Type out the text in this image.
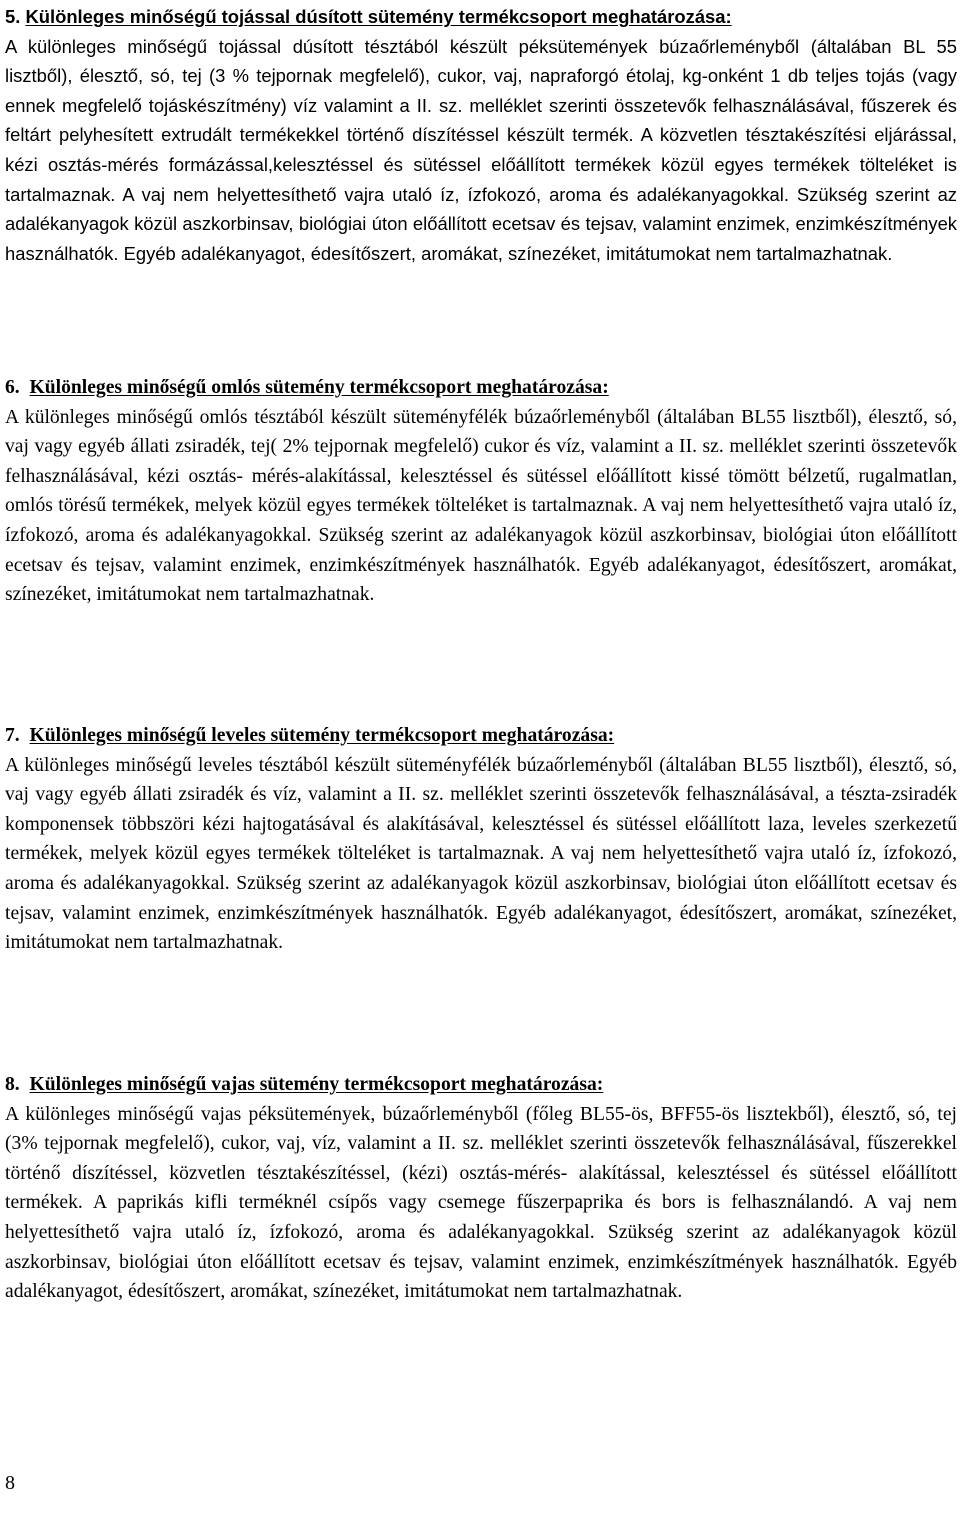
5. Különleges minőségű tojással dúsított sütemény termékcsoport meghatározása:

A különleges minőségű tojással dúsított tésztából készült péksütemények búzaőrleményből (általában BL 55 lisztből), élesztő, só, tej (3 % tejpornak megfelelő), cukor, vaj, napraforgó étolaj, kg-onként 1 db teljes tojás (vagy ennek megfelelő tojáskészítmény) víz valamint a II. sz. melléklet szerinti összetevők felhasználásával, fűszerek és feltárt pelyhesített extrudált termékekkel történő díszítéssel készült termék. A közvetlen tésztakészítési eljárással, kézi osztás-mérés formázással,kelesztéssel és sütéssel előállított termékek közül egyes termékek tölteléket is tartalmaznak. A vaj nem helyettesíthető vajra utaló íz, ízfokozó, aroma és adalékanyagokkal. Szükség szerint az adalékanyagok közül aszkorbinsav, biológiai úton előállított ecetsav és tejsav, valamint enzimek, enzimkészítmények használhatók. Egyéb adalékanyagot, édesítőszert, aromákat, színezéket, imitátumokat nem tartalmazhatnak.

6. Különleges minőségű omlós sütemény termékcsoport meghatározása:

A különleges minőségű omlós tésztából készült süteményfélék búzaőrleményből (általában BL55 lisztből), élesztő, só, vaj vagy egyéb állati zsiradék, tej( 2% tejpornak megfelelő) cukor és víz, valamint a II. sz. melléklet szerinti összetevők felhasználásával, kézi osztás- mérés-alakítással, kelesztéssel és sütéssel előállított kissé tömött bélzetű, rugalmatlan, omlós törésű termékek, melyek közül egyes termékek tölteléket is tartalmaznak. A vaj nem helyettesíthető vajra utaló íz, ízfokozó, aroma és adalékanyagokkal. Szükség szerint az adalékanyagok közül aszkorbinsav, biológiai úton előállított ecetsav és tejsav, valamint enzimek, enzimkészítmények használhatók. Egyéb adalékanyagot, édesítőszert, aromákat, színezéket, imitátumokat nem tartalmazhatnak.

7. Különleges minőségű leveles sütemény termékcsoport meghatározása:

A különleges minőségű leveles tésztából készült süteményfélék búzaőrleményből (általában BL55 lisztből), élesztő, só, vaj vagy egyéb állati zsiradék és víz, valamint a II. sz. melléklet szerinti összetevők felhasználásával, a tészta-zsiradék komponensek többszöri kézi hajtogatásával és alakításával, kelesztéssel és sütéssel előállított laza, leveles szerkezetű termékek, melyek közül egyes termékek tölteléket is tartalmaznak. A vaj nem helyettesíthető vajra utaló íz, ízfokozó, aroma és adalékanyagokkal. Szükség szerint az adalékanyagok közül aszkorbinsav, biológiai úton előállított ecetsav és tejsav, valamint enzimek, enzimkészítmények használhatók. Egyéb adalékanyagot, édesítőszert, aromákat, színezéket, imitátumokat nem tartalmazhatnak.

8. Különleges minőségű vajas sütemény termékcsoport meghatározása:

A különleges minőségű vajas péksütemények, búzaőrleményből (főleg BL55-ös, BFF55-ös lisztekből), élesztő, só, tej (3% tejpornak megfelelő), cukor, vaj, víz, valamint a II. sz. melléklet szerinti összetevők felhasználásával, fűszerekkel történő díszítéssel, közvetlen tésztakészítéssel, (kézi) osztás-mérés- alakítással, kelesztéssel és sütéssel előállított termékek. A paprikás kifli terméknél csípős vagy csemege fűszerpaprika és bors is felhasználandó. A vaj nem helyettesíthető vajra utaló íz, ízfokozó, aroma és adalékanyagokkal. Szükség szerint az adalékanyagok közül aszkorbinsav, biológiai úton előállított ecetsav és tejsav, valamint enzimek, enzimkészítmények használhatók. Egyéb adalékanyagot, édesítőszert, aromákat, színezéket, imitátumokat nem tartalmazhatnak.

8
